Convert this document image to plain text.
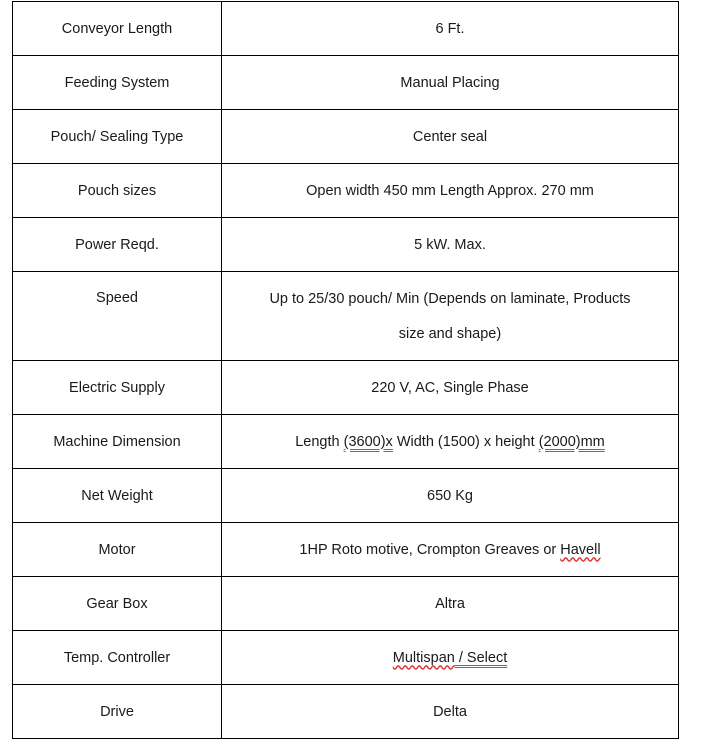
Conveyor Length	6 Ft.
Feeding System	Manual Placing
Pouch/ Sealing Type	Center seal
Pouch sizes	Open width 450 mm Length Approx. 270 mm
Power Reqd.	5 kW. Max.
Speed	Up to 25/30 pouch/ Min (Depends on laminate, Products
size and shape)
Electric Supply	220 V, AC, Single Phase
Machine Dimension	Length (3600)x Width (1500) x height (2000)mm
Net Weight	650 Kg
Motor	1HP Roto motive, Crompton Greaves or Havell
Gear Box	Altra
Temp. Controller	Multispan / Select
Drive	Delta
